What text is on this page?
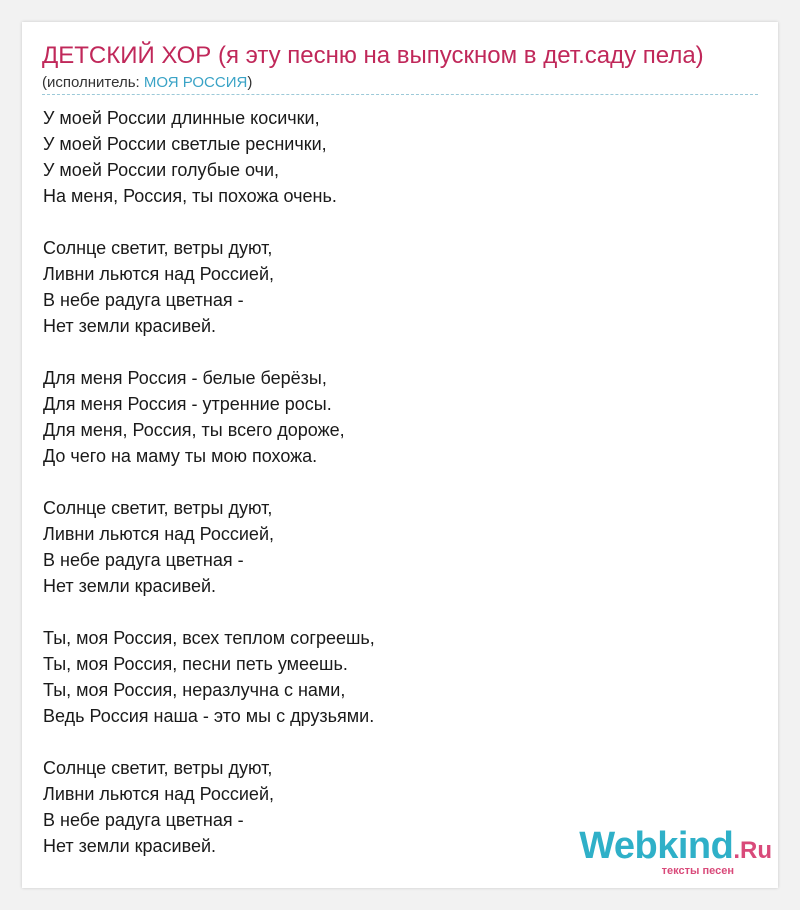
ДЕТСКИЙ ХОР (я эту песню на выпускном в дет.саду пела)
(исполнитель: МОЯ РОССИЯ)
У моей России длинные косички,
У моей России светлые реснички,
У моей России голубые очи,
На меня, Россия, ты похожа очень.
Солнце светит, ветры дуют,
Ливни льются над Россией,
В небе радуга цветная -
Нет земли красивей.
Для меня Россия - белые берёзы,
Для меня Россия - утренние росы.
Для меня, Россия, ты всего дороже,
До чего на маму ты мою похожа.
Солнце светит, ветры дуют,
Ливни льются над Россией,
В небе радуга цветная -
Нет земли красивей.
Ты, моя Россия, всех теплом согреешь,
Ты, моя Россия, песни петь умеешь.
Ты, моя Россия, неразлучна с нами,
Ведь Россия наша - это мы с друзьями.
Солнце светит, ветры дуют,
Ливни льются над Россией,
В небе радуга цветная -
Нет земли красивей.	Webkind.Ru
тексты песен
